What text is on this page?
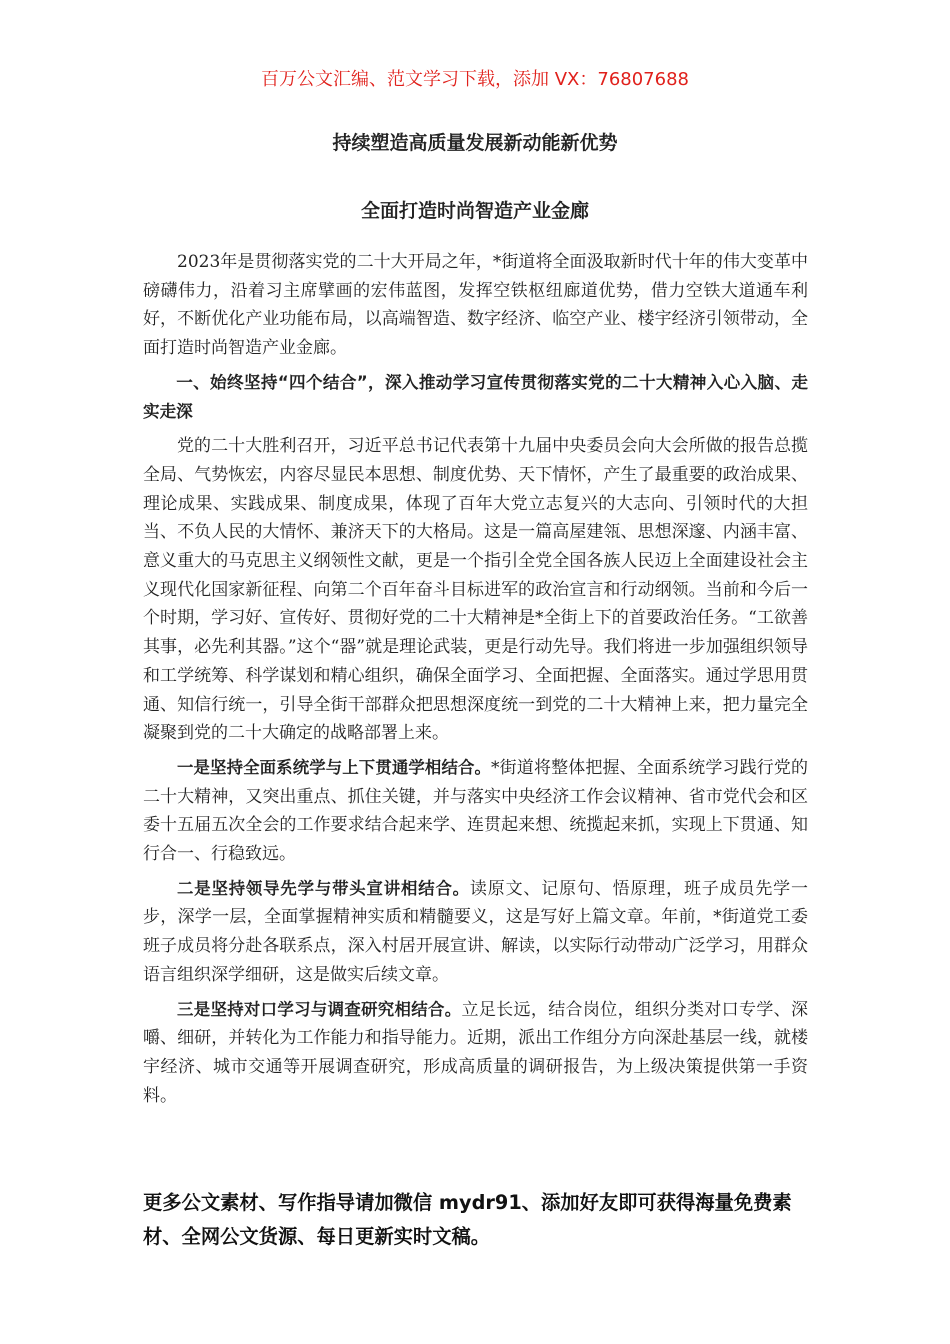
百万公文汇编、范文学习下载，添加 VX：76807688
持续塑造高质量发展新动能新优势
全面打造时尚智造产业金廊

2023年是贯彻落实党的二十大开局之年，*街道将全面汲取新时代十年的伟大变革中磅礴伟力，沿着习主席擘画的宏伟蓝图，发挥空铁枢纽廊道优势，借力空铁大道通车利好，不断优化产业功能布局，以高端智造、数字经济、临空产业、楼宇经济引领带动，全面打造时尚智造产业金廊。

一、始终坚持“四个结合”，深入推动学习宣传贯彻落实党的二十大精神入心入脑、走实走深

党的二十大胜利召开，习近平总书记代表第十九届中央委员会向大会所做的报告总揽全局、气势恢宏，内容尽显民本思想、制度优势、天下情怀，产生了最重要的政治成果、理论成果、实践成果、制度成果，体现了百年大党立志复兴的大志向、引领时代的大担当、不负人民的大情怀、兼济天下的大格局。这是一篇高屋建瓴、思想深邃、内涵丰富、意义重大的马克思主义纲领性文献，更是一个指引全党全国各族人民迈上全面建设社会主义现代化国家新征程、向第二个百年奋斗目标进军的政治宣言和行动纲领。当前和今后一个时期，学习好、宣传好、贯彻好党的二十大精神是*全街上下的首要政治任务。“工欲善其事，必先利其器。”这个“器”就是理论武装，更是行动先导。我们将进一步加强组织领导和工学统筹、科学谋划和精心组织，确保全面学习、全面把握、全面落实。通过学思用贯通、知信行统一，引导全街干部群众把思想深度统一到党的二十大精神上来，把力量完全凝聚到党的二十大确定的战略部署上来。

一是坚持全面系统学与上下贯通学相结合。*街道将整体把握、全面系统学习践行党的二十大精神，又突出重点、抓住关键，并与落实中央经济工作会议精神、省市党代会和区委十五届五次全会的工作要求结合起来学、连贯起来想、统揽起来抓，实现上下贯通、知行合一、行稳致远。

二是坚持领导先学与带头宣讲相结合。读原文、记原句、悟原理，班子成员先学一步，深学一层，全面掌握精神实质和精髓要义，这是写好上篇文章。年前，*街道党工委班子成员将分赴各联系点，深入村居开展宣讲、解读，以实际行动带动广泛学习，用群众语言组织深学细研，这是做实后续文章。

三是坚持对口学习与调查研究相结合。立足长远，结合岗位，组织分类对口专学、深嚼、细研，并转化为工作能力和指导能力。近期，派出工作组分方向深赴基层一线，就楼宇经济、城市交通等开展调查研究，形成高质量的调研报告，为上级决策提供第一手资料。

更多公文素材、写作指导请加微信 mydr91、添加好友即可获得海量免费素材、全网公文货源、每日更新实时文稿。
